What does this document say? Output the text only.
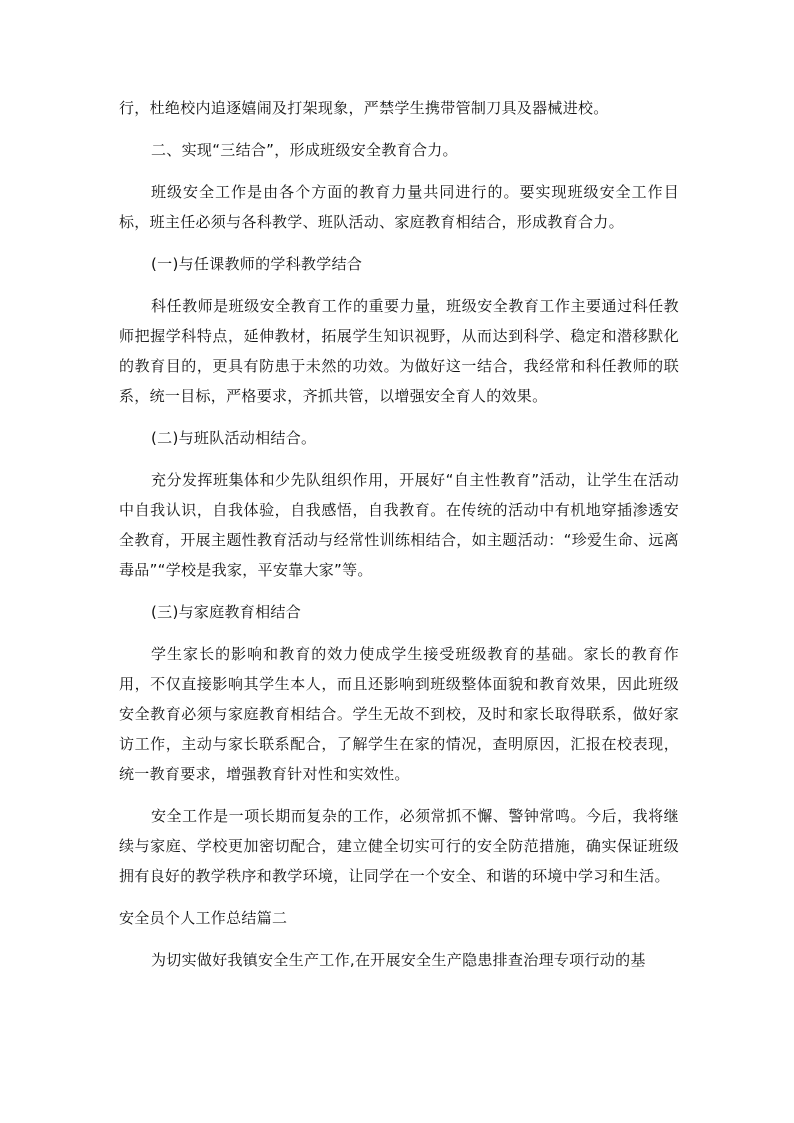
行，杜绝校内追逐嬉闹及打架现象，严禁学生携带管制刀具及器械进校。

二、实现“三结合”，形成班级安全教育合力。

班级安全工作是由各个方面的教育力量共同进行的。要实现班级安全工作目标，班主任必须与各科教学、班队活动、家庭教育相结合，形成教育合力。

(一)与任课教师的学科教学结合

科任教师是班级安全教育工作的重要力量，班级安全教育工作主要通过科任教师把握学科特点，延伸教材，拓展学生知识视野，从而达到科学、稳定和潜移默化的教育目的，更具有防患于未然的功效。为做好这一结合，我经常和科任教师的联系，统一目标，严格要求，齐抓共管，以增强安全育人的效果。

(二)与班队活动相结合。

充分发挥班集体和少先队组织作用，开展好“自主性教育”活动，让学生在活动中自我认识，自我体验，自我感悟，自我教育。在传统的活动中有机地穿插渗透安全教育，开展主题性教育活动与经常性训练相结合，如主题活动：“珍爱生命、远离毒品”“学校是我家，平安靠大家”等。

(三)与家庭教育相结合

学生家长的影响和教育的效力使成学生接受班级教育的基础。家长的教育作用，不仅直接影响其学生本人，而且还影响到班级整体面貌和教育效果，因此班级安全教育必须与家庭教育相结合。学生无故不到校，及时和家长取得联系，做好家访工作，主动与家长联系配合，了解学生在家的情况，查明原因，汇报在校表现，统一教育要求，增强教育针对性和实效性。

安全工作是一项长期而复杂的工作，必须常抓不懈、警钟常鸣。今后，我将继续与家庭、学校更加密切配合，建立健全切实可行的安全防范措施，确实保证班级拥有良好的教学秩序和教学环境，让同学在一个安全、和谐的环境中学习和生活。

安全员个人工作总结篇二

为切实做好我镇安全生产工作,在开展安全生产隐患排查治理专项行动的基
